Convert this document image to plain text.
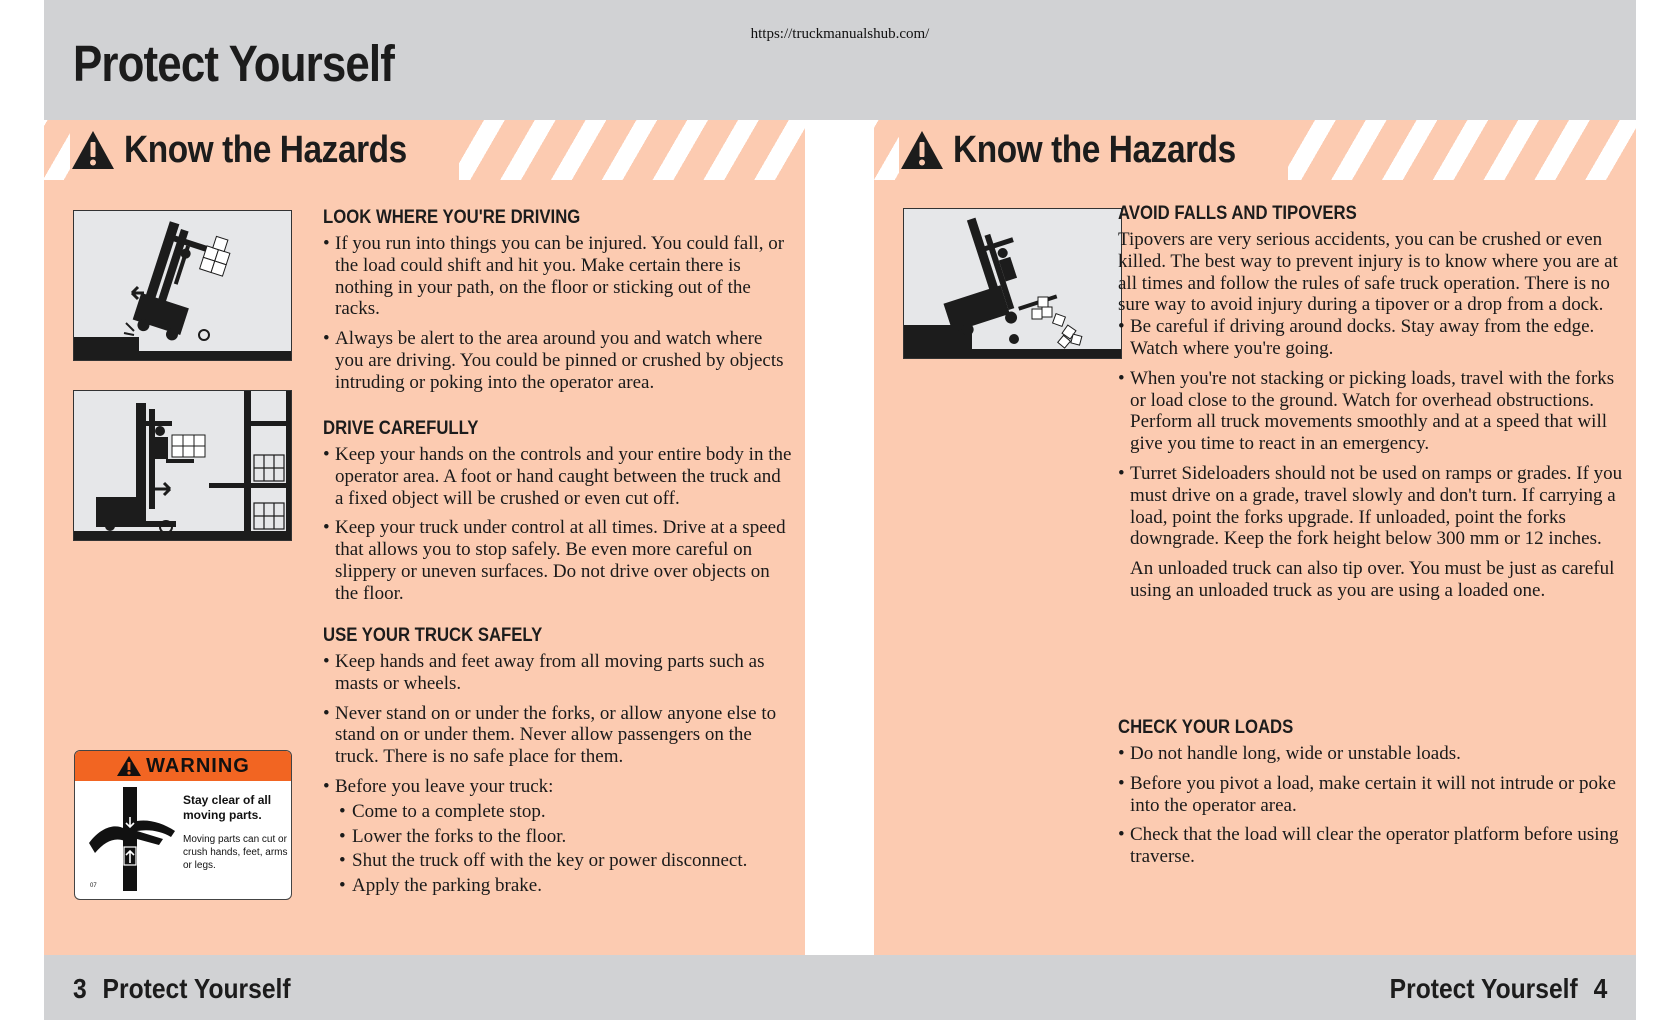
https://truckmanualshub.com/
Protect Yourself
Know the Hazards
WARNING
Stay clear of all moving parts.
Moving parts can cut or crush hands, feet, arms or legs.
07
LOOK WHERE YOU'RE DRIVING
• If you run into things you can be injured. You could fall, or the load could shift and hit you. Make certain there is nothing in your path, on the floor or sticking out of the racks.
• Always be alert to the area around you and watch where you are driving. You could be pinned or crushed by objects intruding or poking into the operator area.
DRIVE CAREFULLY
• Keep your hands on the controls and your entire body in the operator area. A foot or hand caught between the truck and a fixed object will be crushed or even cut off.
• Keep your truck under control at all times. Drive at a speed that allows you to stop safely. Be even more careful on slippery or uneven surfaces. Do not drive over objects on the floor.
USE YOUR TRUCK SAFELY
• Keep hands and feet away from all moving parts such as masts or wheels.
• Never stand on or under the forks, or allow anyone else to stand on or under them. Never allow passengers on the truck. There is no safe place for them.
• Before you leave your truck:
• Come to a complete stop.
• Lower the forks to the floor.
• Shut the truck off with the key or power disconnect.
• Apply the parking brake.
Know the Hazards
AVOID FALLS AND TIPOVERS

Tipovers are very serious accidents, you can be crushed or even killed. The best way to prevent injury is to know where you are at all times and follow the rules of safe truck operation. There is no sure way to avoid injury during a tipover or a drop from a dock.

• Be careful if driving around docks. Stay away from the edge. Watch where you're going.
• When you're not stacking or picking loads, travel with the forks or load close to the ground. Watch for overhead obstructions. Perform all truck movements smoothly and at a speed that will give you time to react in an emergency.
• Turret Sideloaders should not be used on ramps or grades. If you must drive on a grade, travel slowly and don't turn. If carrying a load, point the forks upgrade. If unloaded, point the forks downgrade. Keep the fork height below 300 mm or 12 inches.

An unloaded truck can also tip over. You must be just as careful using an unloaded truck as you are using a loaded one.

CHECK YOUR LOADS
• Do not handle long, wide or unstable loads.
• Before you pivot a load, make certain it will not intrude or poke into the operator area.
• Check that the load will clear the operator platform before using traverse.
3 Protect Yourself	Protect Yourself 4
